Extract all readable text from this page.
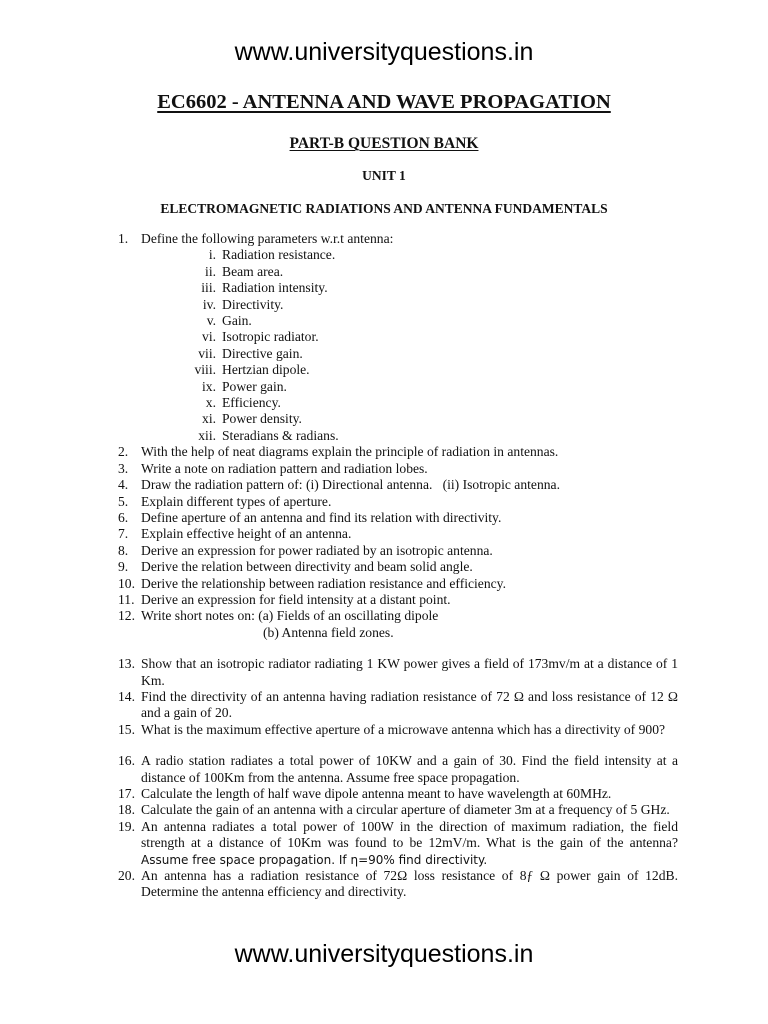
www.universityquestions.in
EC6602 - ANTENNA AND WAVE PROPAGATION
PART-B QUESTION BANK
UNIT 1
ELECTROMAGNETIC RADIATIONS AND ANTENNA FUNDAMENTALS
1. Define the following parameters w.r.t antenna:
i. Radiation resistance.
ii. Beam area.
iii. Radiation intensity.
iv. Directivity.
v. Gain.
vi. Isotropic radiator.
vii. Directive gain.
viii. Hertzian dipole.
ix. Power gain.
x. Efficiency.
xi. Power density.
xii. Steradians & radians.
2. With the help of neat diagrams explain the principle of radiation in antennas.
3. Write a note on radiation pattern and radiation lobes.
4. Draw the radiation pattern of: (i) Directional antenna.   (ii) Isotropic antenna.
5. Explain different types of aperture.
6. Define aperture of an antenna and find its relation with directivity.
7. Explain effective height of an antenna.
8. Derive an expression for power radiated by an isotropic antenna.
9. Derive the relation between directivity and beam solid angle.
10. Derive the relationship between radiation resistance and efficiency.
11. Derive an expression for field intensity at a distant point.
12. Write short notes on: (a) Fields of an oscillating dipole
(b) Antenna field zones.
13. Show that an isotropic radiator radiating 1 KW power gives a field of 173mv/m at a distance of 1 Km.
14. Find the directivity of an antenna having radiation resistance of 72 Ω and loss resistance of 12 Ω and a gain of 20.
15. What is the maximum effective aperture of a microwave antenna which has a directivity of 900?
16. A radio station radiates a total power of 10KW and a gain of 30. Find the field intensity at a distance of 100Km from the antenna. Assume free space propagation.
17. Calculate the length of half wave dipole antenna meant to have wavelength at 60MHz.
18. Calculate the gain of an antenna with a circular aperture of diameter 3m at a frequency of 5 GHz.
19. An antenna radiates a total power of 100W in the direction of maximum radiation, the field strength at a distance of 10Km was found to be 12mV/m. What is the gain of the antenna? Assume free space propagation. If η=90% find directivity.
20. An antenna has a radiation resistance of 72Ω loss resistance of 8ƒ Ω power gain of 12dB. Determine the antenna efficiency and directivity.
www.universityquestions.in
